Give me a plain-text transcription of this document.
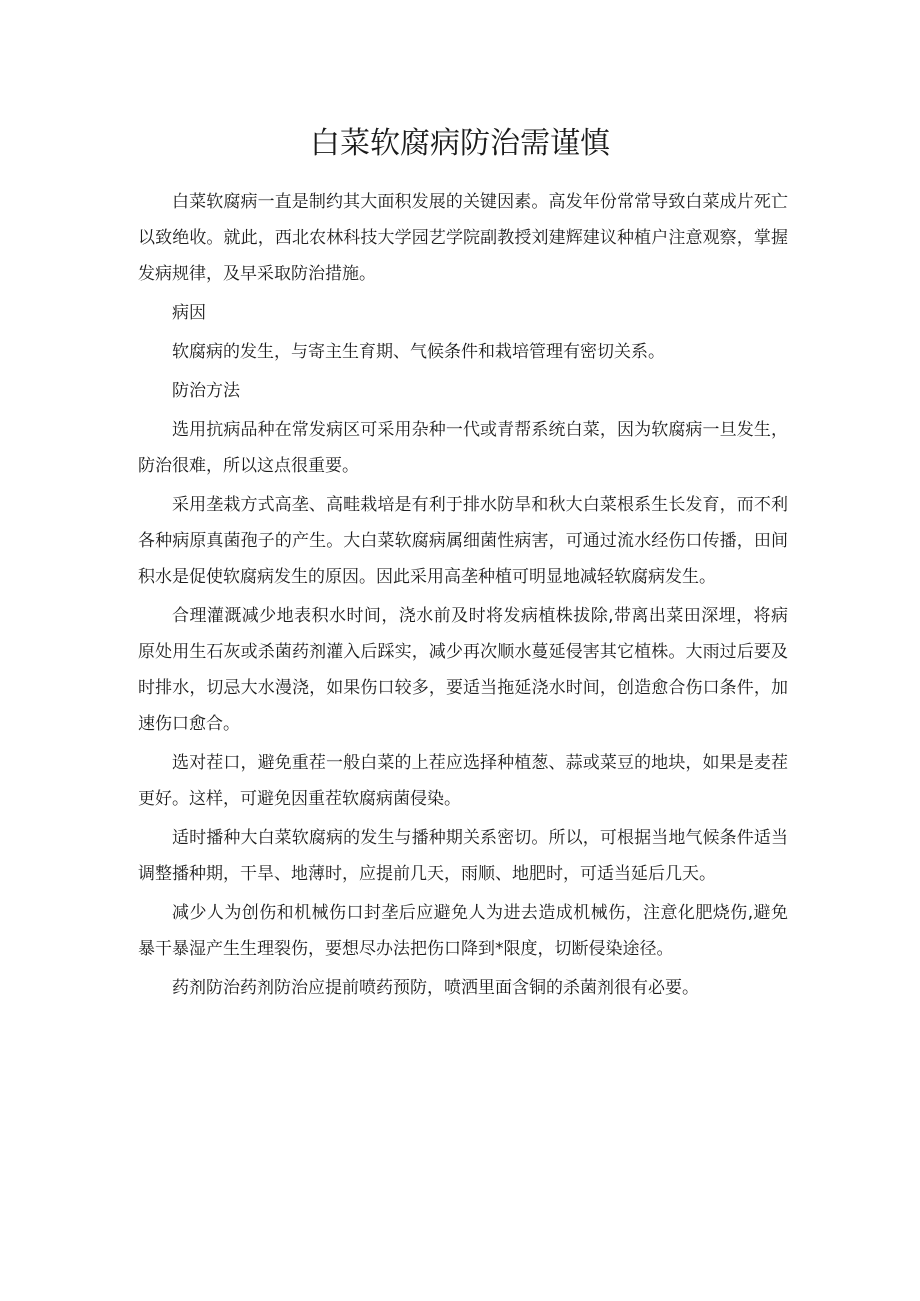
白菜软腐病防治需谨慎

白菜软腐病一直是制约其大面积发展的关键因素。高发年份常常导致白菜成片死亡以致绝收。就此，西北农林科技大学园艺学院副教授刘建辉建议种植户注意观察，掌握发病规律，及早采取防治措施。

病因

软腐病的发生，与寄主生育期、气候条件和栽培管理有密切关系。

防治方法

选用抗病品种在常发病区可采用杂种一代或青帮系统白菜，因为软腐病一旦发生，防治很难，所以这点很重要。

采用垄栽方式高垄、高畦栽培是有利于排水防旱和秋大白菜根系生长发育，而不利各种病原真菌孢子的产生。大白菜软腐病属细菌性病害，可通过流水经伤口传播，田间积水是促使软腐病发生的原因。因此采用高垄种植可明显地减轻软腐病发生。

合理灌溉减少地表积水时间，浇水前及时将发病植株拔除,带离出菜田深埋，将病原处用生石灰或杀菌药剂灌入后踩实，减少再次顺水蔓延侵害其它植株。大雨过后要及时排水，切忌大水漫浇，如果伤口较多，要适当拖延浇水时间，创造愈合伤口条件，加速伤口愈合。

选对茬口，避免重茬一般白菜的上茬应选择种植葱、蒜或菜豆的地块，如果是麦茬更好。这样，可避免因重茬软腐病菌侵染。

适时播种大白菜软腐病的发生与播种期关系密切。所以，可根据当地气候条件适当调整播种期，干旱、地薄时，应提前几天，雨顺、地肥时，可适当延后几天。

减少人为创伤和机械伤口封垄后应避免人为进去造成机械伤，注意化肥烧伤,避免暴干暴湿产生生理裂伤，要想尽办法把伤口降到*限度，切断侵染途径。

药剂防治药剂防治应提前喷药预防，喷洒里面含铜的杀菌剂很有必要。
